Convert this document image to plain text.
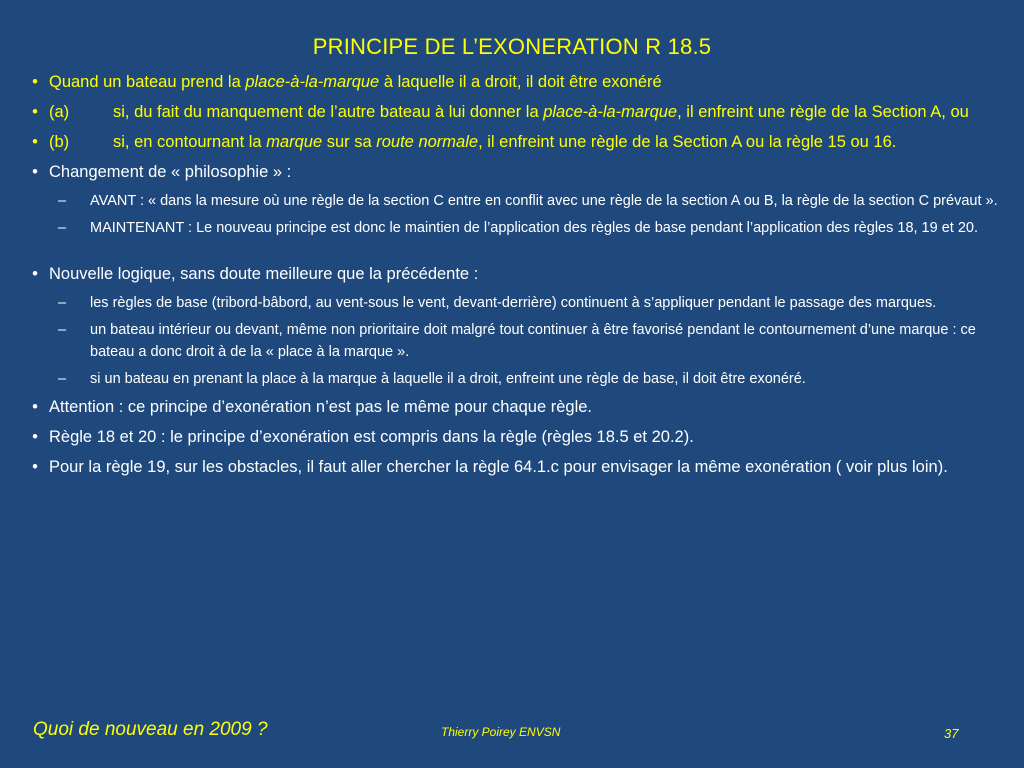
PRINCIPE DE L’EXONERATION R 18.5
• Quand un bateau prend la place-à-la-marque à laquelle il a droit, il doit être exonéré
• (a)	si, du fait du manquement de l’autre bateau à lui donner la place-à-la-marque, il enfreint une règle de la Section A, ou
• (b)	si, en contournant la marque sur sa route normale, il enfreint une règle de la Section A ou la règle 15 ou 16.
• Changement de « philosophie » :
– AVANT : « dans la mesure où une règle de la section C entre en conflit avec une règle de la section A ou B, la règle de la section C prévaut ».
– MAINTENANT : Le nouveau principe est donc le maintien de l’application des règles de base pendant l’application des règles 18, 19 et 20.
• Nouvelle logique, sans doute meilleure que la précédente :
– les règles de base (tribord-bâbord, au vent-sous le vent, devant-derrière) continuent à s’appliquer pendant le passage des marques.
– un bateau intérieur ou devant, même non prioritaire doit malgré tout continuer à être favorisé pendant le contournement d’une marque : ce bateau a donc droit à de la « place à la marque ».
– si un bateau en prenant la place à la marque à laquelle il a droit, enfreint une règle de base, il doit être exonéré.
• Attention : ce principe d’exonération n’est pas le même pour chaque règle.
• Règle 18 et 20 : le principe d’exonération est compris dans la règle (règles 18.5 et 20.2).
• Pour la règle 19, sur les obstacles, il faut aller chercher la règle 64.1.c pour envisager la même exonération ( voir plus loin).
Quoi de nouveau en 2009 ?	Thierry Poirey ENVSN	37
